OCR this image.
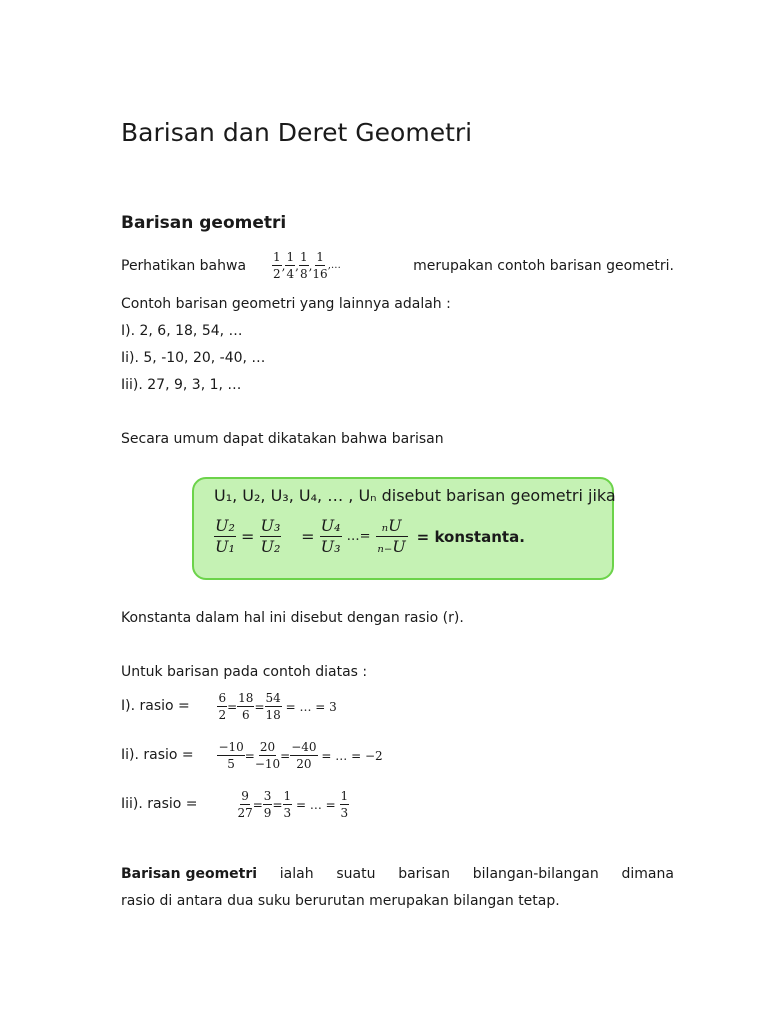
Barisan dan Deret Geometri
Barisan geometri
Perhatikan bahwa $\frac{1}{2}$ , $\frac{1}{4}$ , $\frac{1}{8}$ , $\frac{1}{16}$ ,…	merupakan contoh barisan geometri.
Contoh barisan geometri yang lainnya adalah :
I). 2, 6, 18, 54, …
Ii). 5, -10, 20, -40, …
Iii). 27, 9, 3, 1, …
Secara umum dapat dikatakan bahwa barisan
U₁, U₂, U₃, U₄, … , Uₙ disebut barisan geometri jika
$\frac{\text{U₂}}{\text{U₁}} = \frac{\text{U₃}}{\text{U₂}} = \frac{\text{U₄}}{\text{U₃}}$ …= $\frac{\text{ₙU}}{\text{ₙ₋U}}$ = konstanta.
Konstanta dalam hal ini disebut dengan rasio (r).
Untuk barisan pada contoh diatas :
I). rasio = $\frac{6}{2} = \frac{18}{6} = \frac{54}{18}$ = … = 3
Ii). rasio = $\frac{-10}{5} = \frac{20}{-10} = \frac{-40}{20}$ = … = −2
Iii). rasio =	$\frac{9}{27} = \frac{3}{9} = \frac{1}{3}$ = … = $\frac{1}{3}$
Barisan geometri ialah suatu barisan bilangan-bilangan dimana
rasio di antara dua suku berurutan merupakan bilangan tetap.
